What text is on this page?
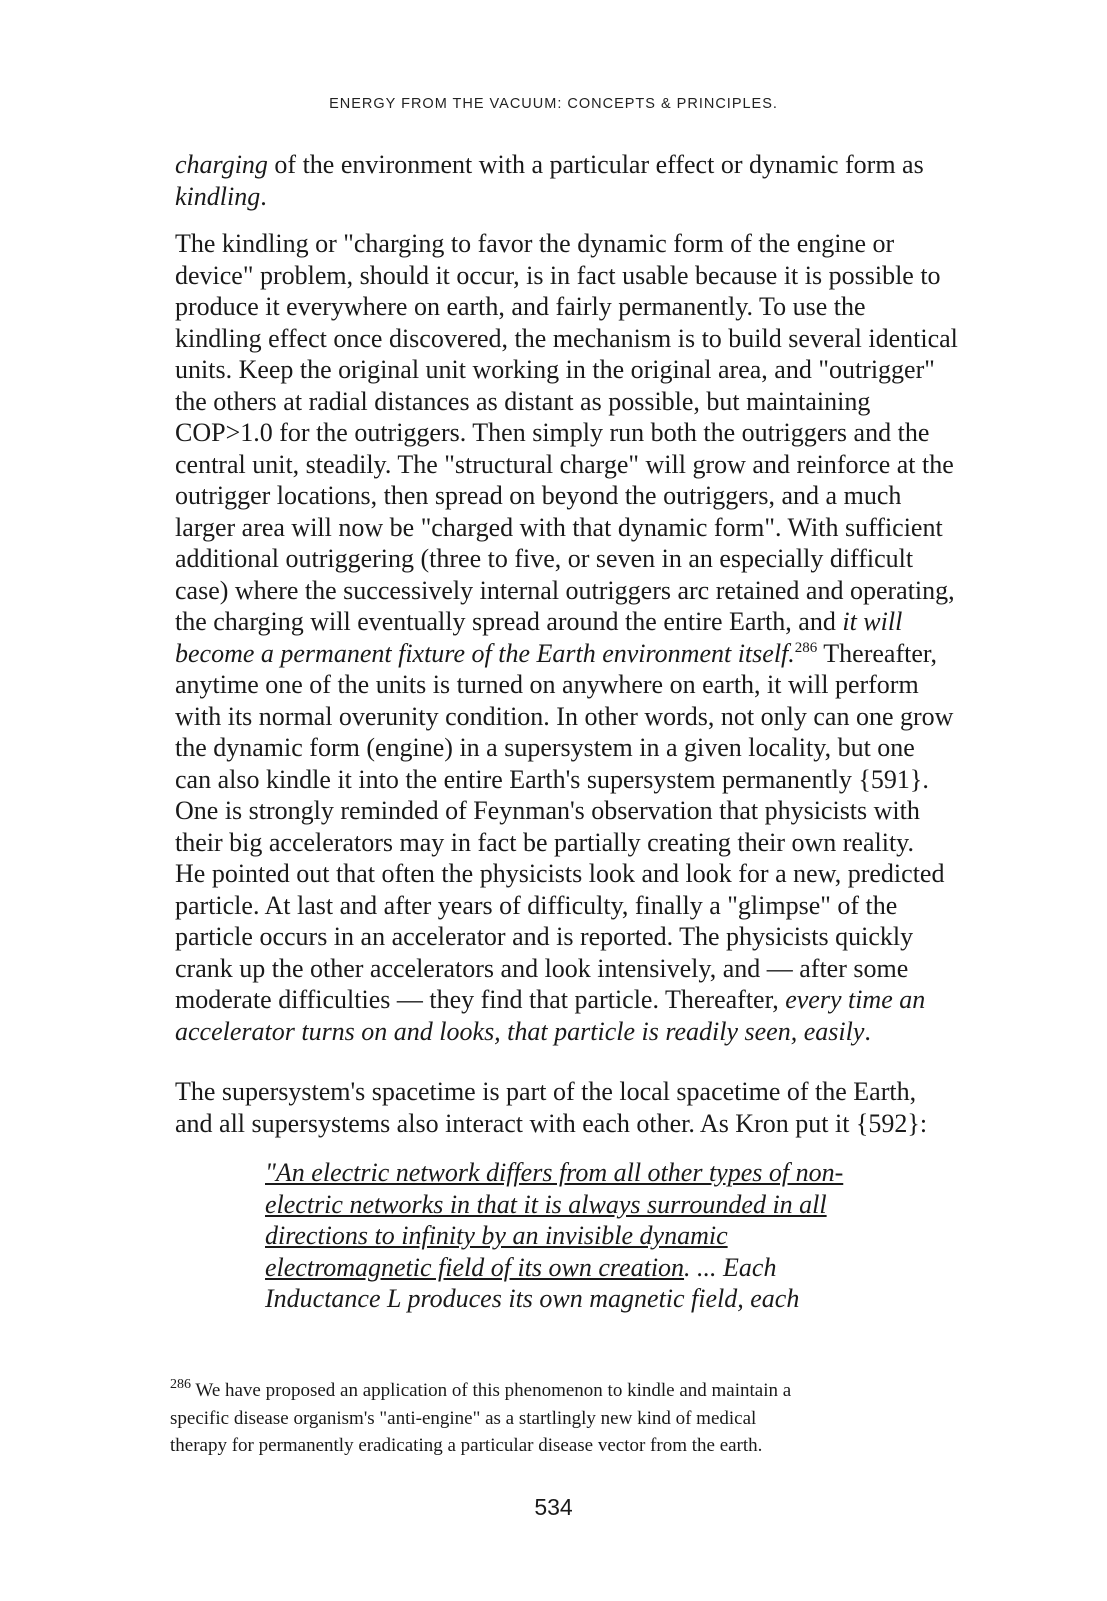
ENERGY FROM THE VACUUM: CONCEPTS & PRINCIPLES.
charging of the environment with a particular effect or dynamic form as
kindling.
The kindling or "charging to favor the dynamic form of the engine or
device" problem, should it occur, is in fact usable because it is possible to
produce it everywhere on earth, and fairly permanently. To use the
kindling effect once discovered, the mechanism is to build several identical
units. Keep the original unit working in the original area, and "outrigger"
the others at radial distances as distant as possible, but maintaining
COP>1.0 for the outriggers. Then simply run both the outriggers and the
central unit, steadily. The "structural charge" will grow and reinforce at the
outrigger locations, then spread on beyond the outriggers, and a much
larger area will now be "charged with that dynamic form". With sufficient
additional outriggering (three to five, or seven in an especially difficult
case) where the successively internal outriggers arc retained and operating,
the charging will eventually spread around the entire Earth, and it will
become a permanent fixture of the Earth environment itself.$^{286}$ Thereafter,
anytime one of the units is turned on anywhere on earth, it will perform
with its normal overunity condition. In other words, not only can one grow
the dynamic form (engine) in a supersystem in a given locality, but one
can also kindle it into the entire Earth's supersystem permanently {591}.
One is strongly reminded of Feynman's observation that physicists with
their big accelerators may in fact be partially creating their own reality.
He pointed out that often the physicists look and look for a new, predicted
particle. At last and after years of difficulty, finally a "glimpse" of the
particle occurs in an accelerator and is reported. The physicists quickly
crank up the other accelerators and look intensively, and — after some
moderate difficulties — they find that particle. Thereafter, every time an
accelerator turns on and looks, that particle is readily seen, easily.
The supersystem's spacetime is part of the local spacetime of the Earth,
and all supersystems also interact with each other. As Kron put it {592}:
"An electric network differs from all other types of non-
electric networks in that it is always surrounded in all
directions to infinity by an invisible dynamic
electromagnetic field of its own creation. ... Each
Inductance L produces its own magnetic field, each
$^{286}$ We have proposed an application of this phenomenon to kindle and maintain a
specific disease organism's "anti-engine" as a startlingly new kind of medical
therapy for permanently eradicating a particular disease vector from the earth.
534
